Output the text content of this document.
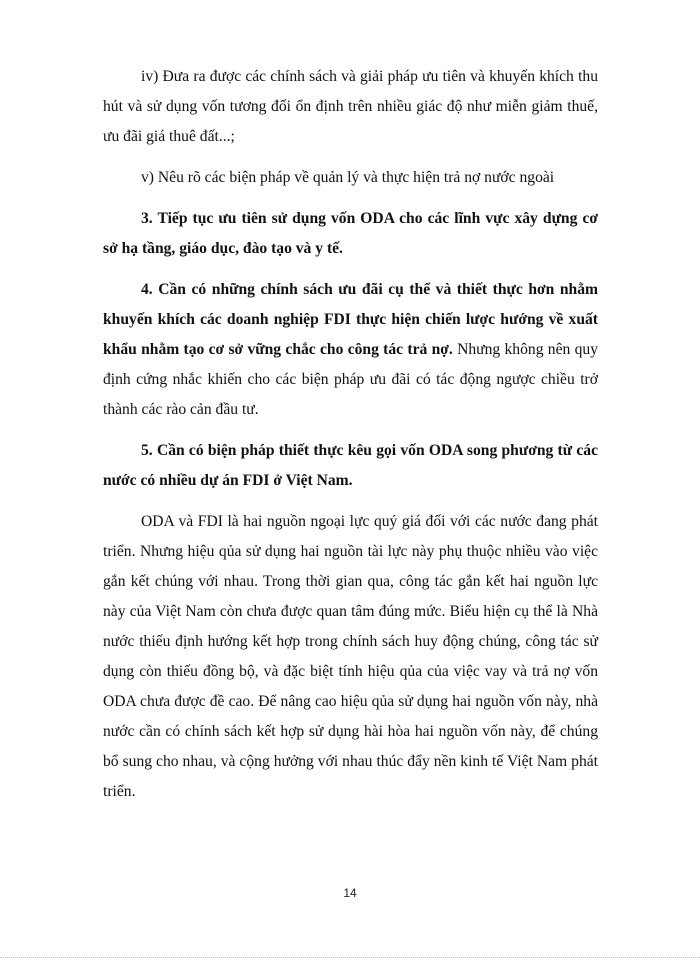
iv) Đưa ra được các chính sách và giải pháp ưu tiên và khuyến khích thu hút và sử dụng vốn tương đối ổn định trên nhiều giác độ như miễn giảm thuế, ưu đãi giá thuê đất...;

v) Nêu rõ các biện pháp về quản lý và thực hiện trả nợ nước ngoài

3. Tiếp tục ưu tiên sử dụng vốn ODA cho các lĩnh vực xây dựng cơ sở hạ tầng, giáo dục, đào tạo và y tế.

4. Cần có những chính sách ưu đãi cụ thể và thiết thực hơn nhằm khuyến khích các doanh nghiệp FDI thực hiện chiến lược hướng về xuất khẩu nhằm tạo cơ sở vững chắc cho công tác trả nợ. Nhưng không nên quy định cứng nhắc khiến cho các biện pháp ưu đãi có tác động ngược chiều trở thành các rào cản đầu tư.

5. Cần có biện pháp thiết thực kêu gọi vốn ODA song phương từ các nước có nhiều dự án FDI ở Việt Nam.

ODA và FDI là hai nguồn ngoại lực quý giá đối với các nước đang phát triển. Nhưng hiệu qủa sử dụng hai nguồn tài lực này phụ thuộc nhiều vào việc gắn kết chúng với nhau. Trong thời gian qua, công tác gắn kết hai nguồn lực này của Việt Nam còn chưa được quan tâm đúng mức. Biểu hiện cụ thể là Nhà nước thiếu định hướng kết hợp trong chính sách huy động chúng, công tác sử dụng còn thiếu đồng bộ, và đặc biệt tính hiệu qủa của việc vay và trả nợ vốn ODA chưa được đề cao. Để nâng cao hiệu qủa sử dụng hai nguồn vốn này, nhà nước cần có chính sách kết hợp sử dụng hài hòa hai nguồn vốn này, để chúng bổ sung cho nhau, và cộng hưởng với nhau thúc đẩy nền kinh tế Việt Nam phát triển.

14
